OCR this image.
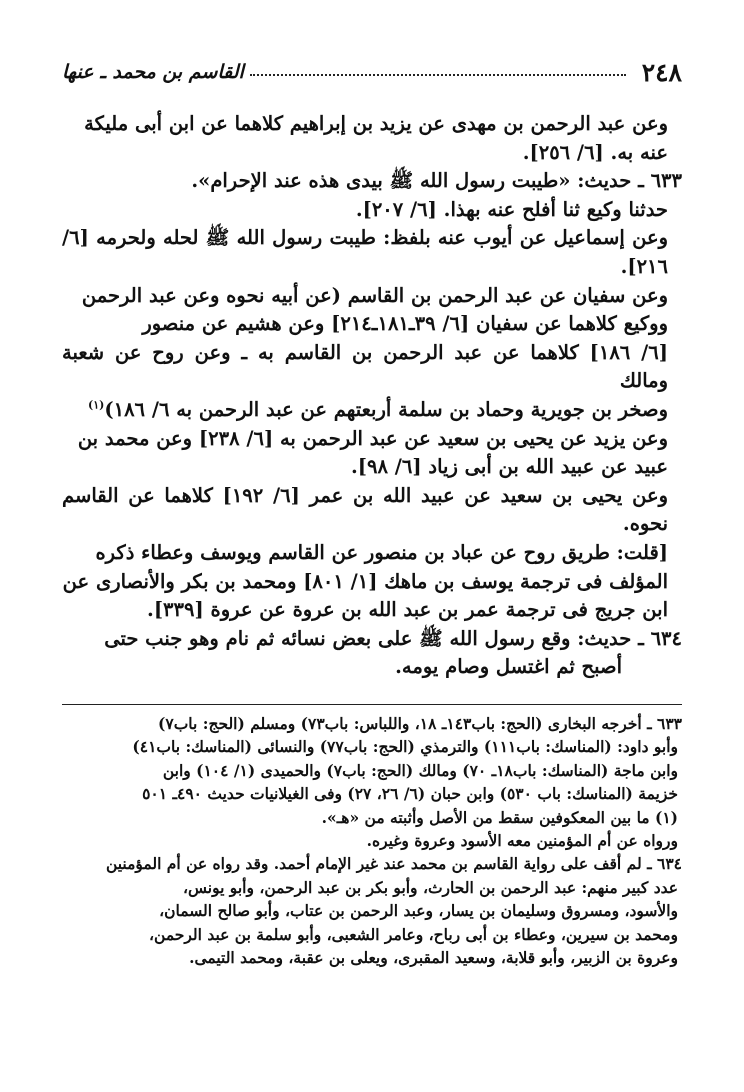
٢٤٨
القاسم بن محمد ـ عنها

وعن عبد الرحمن بن مهدى عن يزيد بن إبراهيم كلاهما عن ابن أبى مليكة

عنه به. [٦/ ٢٥٦].

٦٣٣ ـ حديث: «طيبت رسول الله ﷺ بيدى هذه عند الإحرام».

حدثنا وكيع ثنا أفلح عنه بهذا. [٦/ ٢٠٧].

وعن إسماعيل عن أيوب عنه بلفظ: طيبت رسول الله ﷺ لحله ولحرمه [٦/ ٢١٦].

وعن سفيان عن عبد الرحمن بن القاسم (عن أبيه نحوه وعن عبد الرحمن

ووكيع كلاهما عن سفيان [٦/ ٣٩ـ١٨١ـ٢١٤] وعن هشيم عن منصور

[٦/ ١٨٦] كلاهما عن عبد الرحمن بن القاسم به ـ وعن روح عن شعبة ومالك

وصخر بن جويرية وحماد بن سلمة أربعتهم عن عبد الرحمن به ٦/ ١٨٦)$^{(١)}$

وعن يزيد عن يحيى بن سعيد عن عبد الرحمن به [٦/ ٢٣٨] وعن محمد بن

عبيد عن عبيد الله بن أبى زياد [٦/ ٩٨].

وعن يحيى بن سعيد عن عبيد الله بن عمر [٦/ ١٩٢] كلاهما عن القاسم نحوه.

[قلت: طريق روح عن عباد بن منصور عن القاسم ويوسف وعطاء ذكره

المؤلف فى ترجمة يوسف بن ماهك [١/ ٨٠١] ومحمد بن بكر والأنصارى عن

ابن جريج فى ترجمة عمر بن عبد الله بن عروة عن عروة [٣٣٩].

٦٣٤ ـ حديث: وقع رسول الله ﷺ على بعض نسائه ثم نام وهو جنب حتى

أصبح ثم اغتسل وصام يومه.

٦٣٣ ـ أخرجه البخارى (الحج: باب١٤٣ـ ١٨، واللباس: باب٧٣) ومسلم (الحج: باب٧)

وأبو داود: (المناسك: باب١١١) والترمذي (الحج: باب٧٧) والنسائى (المناسك: باب٤١)

وابن ماجة (المناسك: باب١٨ـ ٧٠) ومالك (الحج: باب٧) والحميدى (١/ ١٠٤) وابن

خزيمة (المناسك: باب ٥٣٠) وابن حبان (٦/ ٢٦، ٢٧) وفى الغيلانيات حديث ٤٩٠ـ ٥٠١

(١) ما بين المعكوفين سقط من الأصل وأثبته من «هـ».

ورواه عن أم المؤمنين معه الأسود وعروة وغيره.

٦٣٤ ـ لم أقف على رواية القاسم بن محمد عند غير الإمام أحمد. وقد رواه عن أم المؤمنين

عدد كبير منهم: عبد الرحمن بن الحارث، وأبو بكر بن عبد الرحمن، وأبو يونس،

والأسود، ومسروق وسليمان بن يسار، وعبد الرحمن بن عتاب، وأبو صالح السمان،

ومحمد بن سيرين، وعطاء بن أبى رباح، وعامر الشعبى، وأبو سلمة بن عبد الرحمن،

وعروة بن الزبير، وأبو قلابة، وسعيد المقبرى، ويعلى بن عقبة، ومحمد التيمى.
